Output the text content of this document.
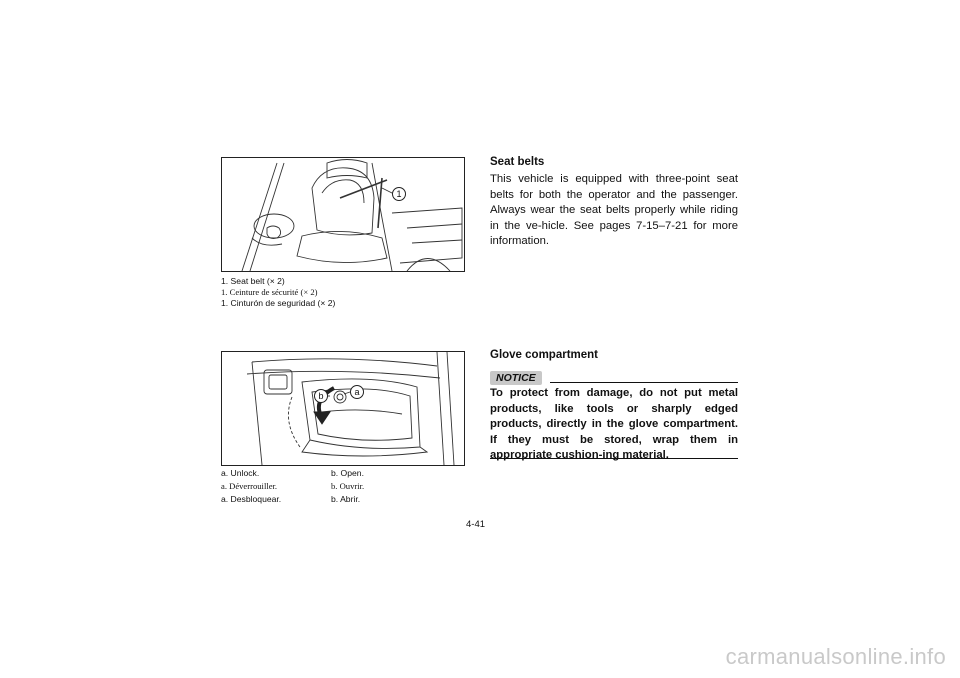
1
1. Seat belt (× 2)
1. Ceinture de sécurité (× 2)
1. Cinturón de seguridad (× 2)
a
b
a. Unlock.
a. Déverrouiller.
a. Desbloquear.
b. Open.
b. Ouvrir.
b. Abrir.
Seat belts
This vehicle is equipped with three-point seat belts for both the operator and the passenger. Always wear the seat belts properly while riding in the ve-hicle. See pages 7-15–7-21 for more information.
Glove compartment
NOTICE
To protect from damage, do not put metal products, like tools or sharply edged products, directly in the glove compartment. If they must be stored, wrap them in appropriate cushion-ing material.
4-41
carmanualsonline.info
